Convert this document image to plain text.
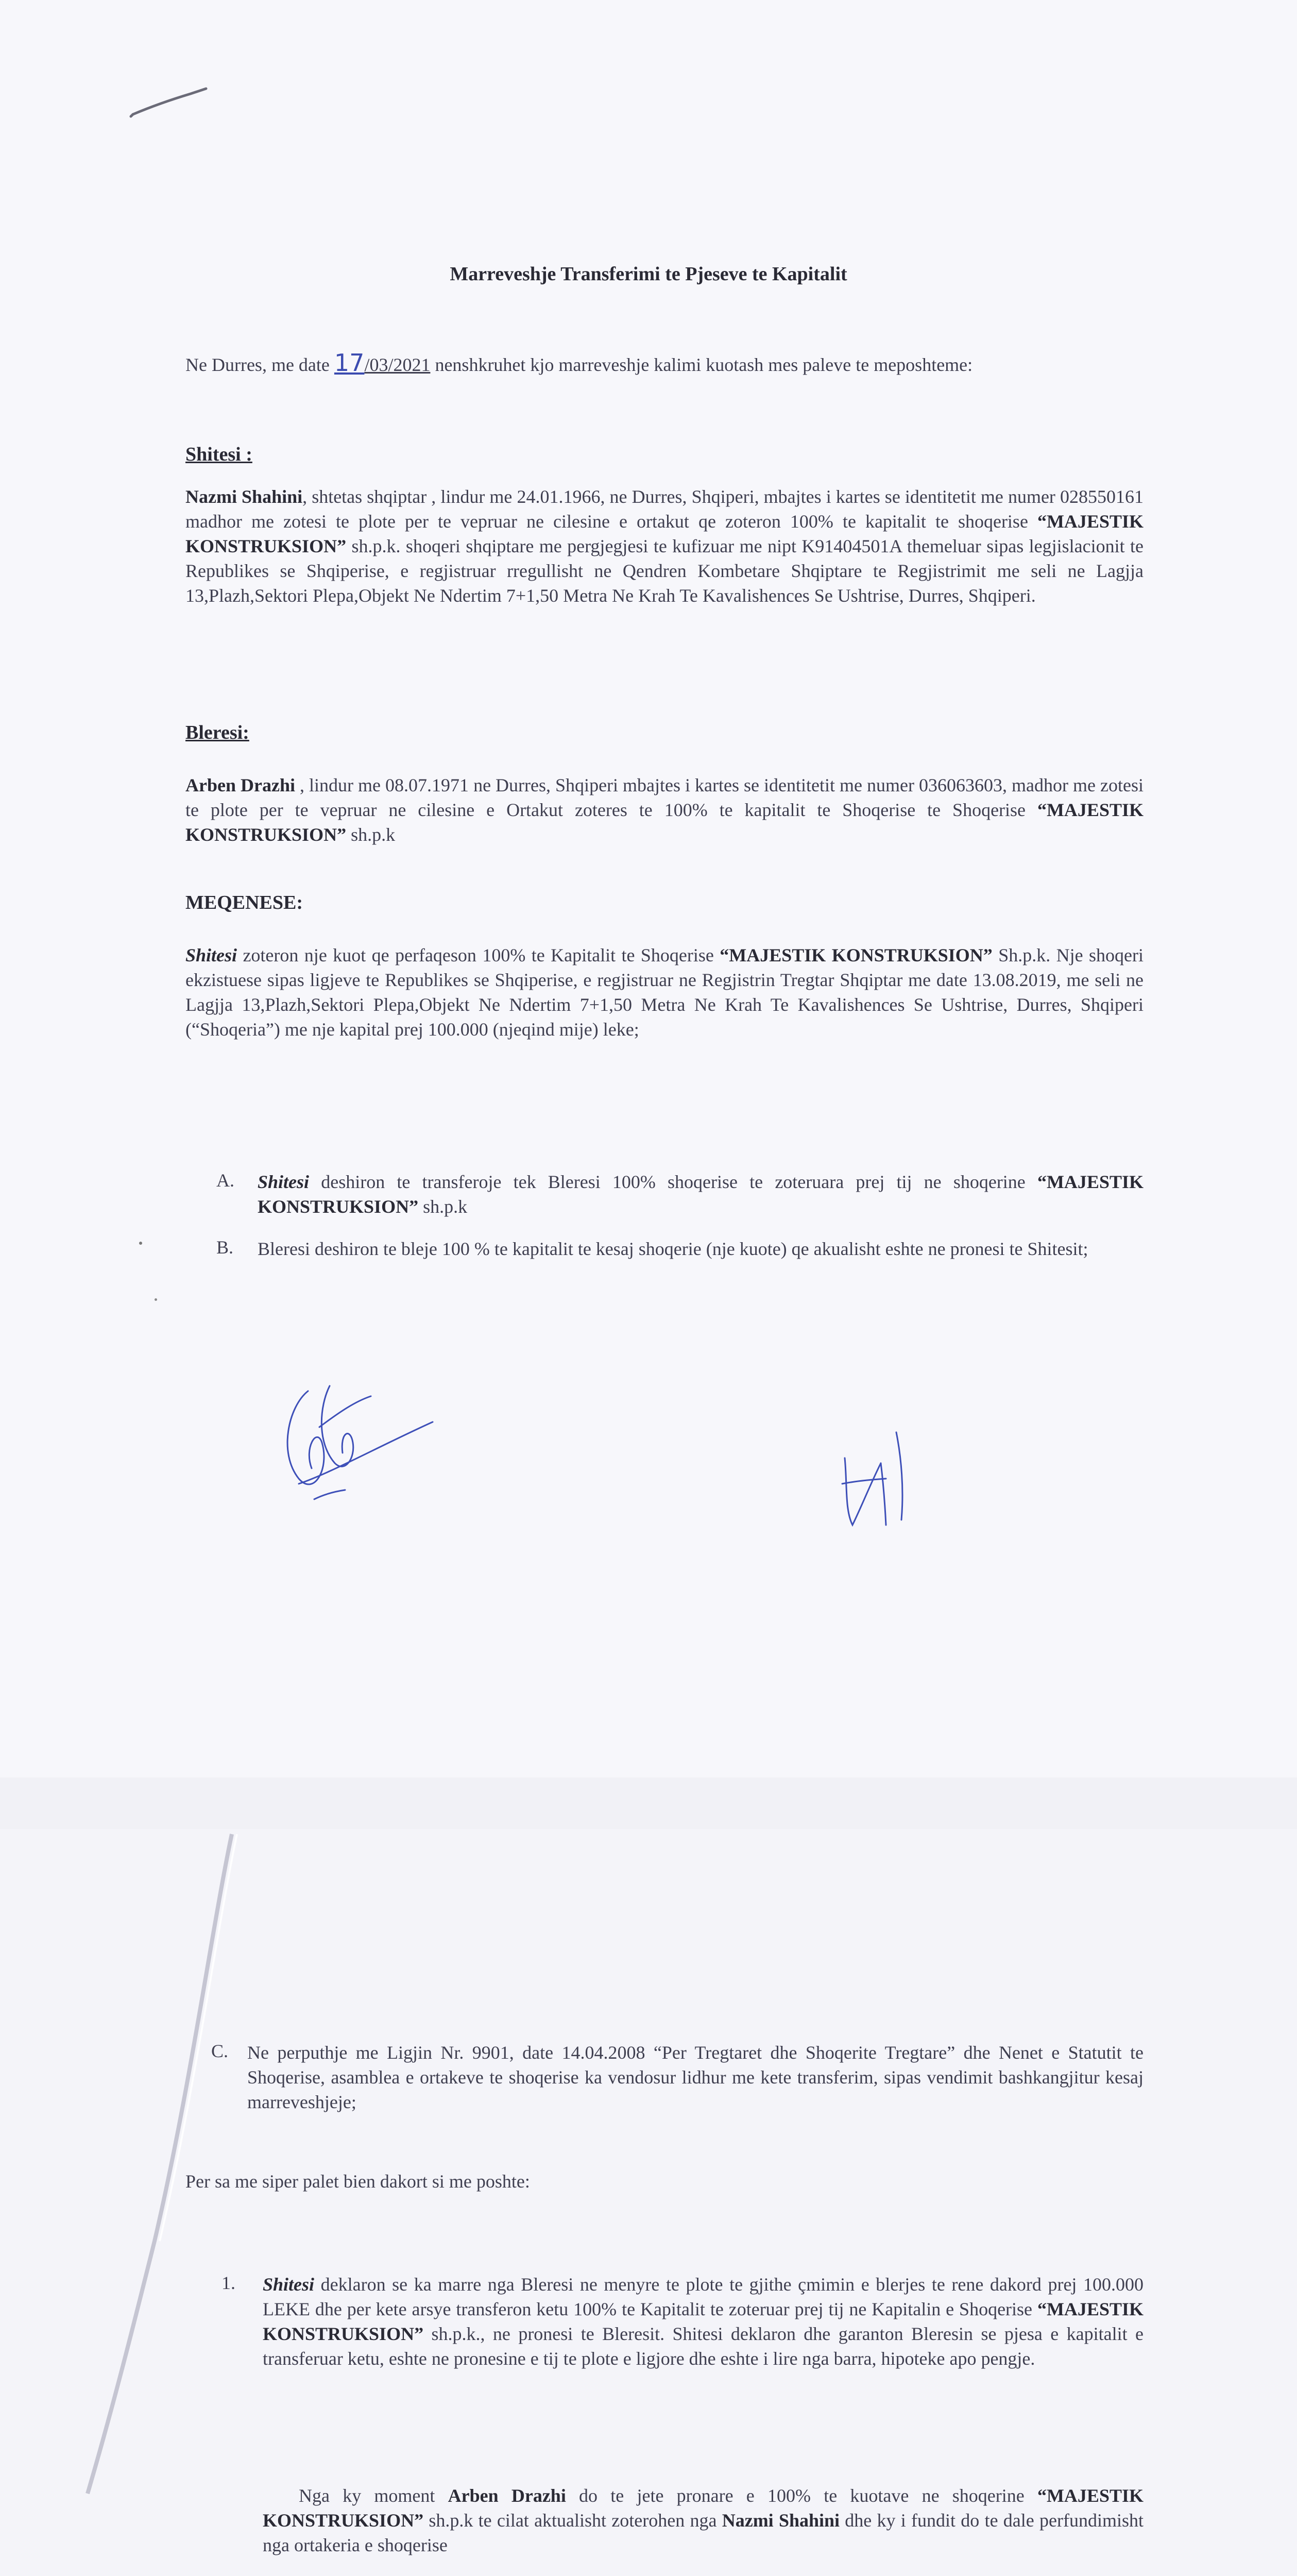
Marreveshje Transferimi te Pjeseve te Kapitalit
Ne Durres, me date 17/03/2021 nenshkruhet kjo marreveshje kalimi kuotash mes paleve te meposhteme:
Shitesi :
Nazmi Shahini, shtetas shqiptar , lindur me 24.01.1966, ne Durres, Shqiperi, mbajtes i kartes se identitetit me numer 028550161 madhor me zotesi te plote per te vepruar ne cilesine e ortakut qe zoteron 100% te kapitalit te shoqerise “MAJESTIK KONSTRUKSION” sh.p.k. shoqeri shqiptare me pergjegjesi te kufizuar me nipt K91404501A themeluar sipas legjislacionit te Republikes se Shqiperise, e regjistruar rregullisht ne Qendren Kombetare Shqiptare te Regjistrimit me seli ne Lagjja 13,Plazh,Sektori Plepa,Objekt Ne Ndertim 7+1,50 Metra Ne Krah Te Kavalishences Se Ushtrise, Durres, Shqiperi.
Bleresi:
Arben Drazhi , lindur me 08.07.1971 ne Durres, Shqiperi mbajtes i kartes se identitetit me numer 036063603, madhor me zotesi te plote per te vepruar ne cilesine e Ortakut zoteres te 100% te kapitalit te Shoqerise te Shoqerise “MAJESTIK KONSTRUKSION” sh.p.k
MEQENESE:
Shitesi zoteron nje kuot qe perfaqeson 100% te Kapitalit te Shoqerise “MAJESTIK KONSTRUKSION” Sh.p.k. Nje shoqeri ekzistuese sipas ligjeve te Republikes se Shqiperise, e regjistruar ne Regjistrin Tregtar Shqiptar me date 13.08.2019, me seli ne Lagjja 13,Plazh,Sektori Plepa,Objekt Ne Ndertim 7+1,50 Metra Ne Krah Te Kavalishences Se Ushtrise, Durres, Shqiperi (“Shoqeria”) me nje kapital prej 100.000 (njeqind mije) leke;
A. Shitesi deshiron te transferoje tek Bleresi 100% shoqerise te zoteruara prej tij ne shoqerine “MAJESTIK KONSTRUKSION” sh.p.k
B. Bleresi deshiron te bleje 100 % te kapitalit te kesaj shoqerie (nje kuote) qe akualisht eshte ne pronesi te Shitesit;
C. Ne perputhje me Ligjin Nr. 9901, date 14.04.2008 “Per Tregtaret dhe Shoqerite Tregtare” dhe Nenet e Statutit te Shoqerise, asamblea e ortakeve te shoqerise ka vendosur lidhur me kete transferim, sipas vendimit bashkangjitur kesaj marreveshjeje;
Per sa me siper palet bien dakort si me poshte:
1. Shitesi deklaron se ka marre nga Bleresi ne menyre te plote te gjithe çmimin e blerjes te rene dakord prej 100.000 LEKE dhe per kete arsye transferon ketu 100% te Kapitalit te zoteruar prej tij ne Kapitalin e Shoqerise “MAJESTIK KONSTRUKSION” sh.p.k., ne pronesi te Bleresit. Shitesi deklaron dhe garanton Bleresin se pjesa e kapitalit e transferuar ketu, eshte ne pronesine e tij te plote e ligjore dhe eshte i lire nga barra, hipoteke apo pengje.
Nga ky moment Arben Drazhi do te jete pronare e 100% te kuotave ne shoqerine “MAJESTIK KONSTRUKSION” sh.p.k te cilat aktualisht zoterohen nga Nazmi Shahini dhe ky i fundit do te dale perfundimisht nga ortakeria e shoqerise
